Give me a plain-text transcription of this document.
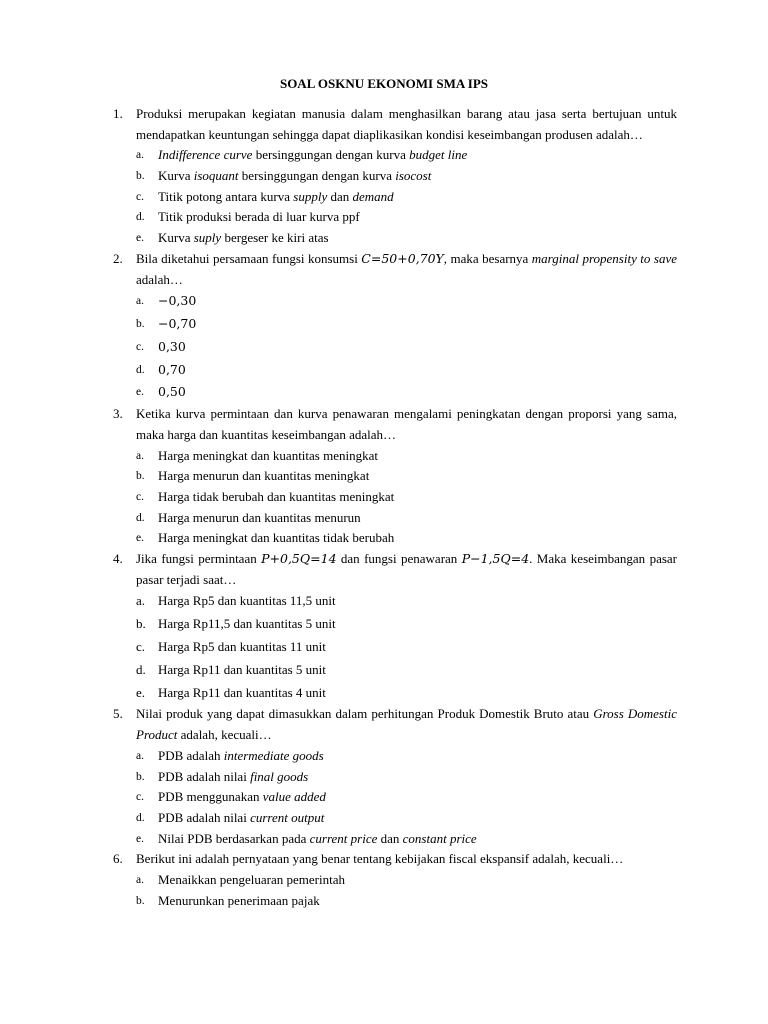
SOAL OSKNU EKONOMI SMA IPS
1.	Produksi merupakan kegiatan manusia dalam menghasilkan barang atau jasa serta bertujuan untuk mendapatkan keuntungan sehingga dapat diaplikasikan kondisi keseimbangan produsen adalah…
a. Indifference curve bersinggungan dengan kurva budget line
b. Kurva isoquant bersinggungan dengan kurva isocost
c. Titik potong antara kurva supply dan demand
d. Titik produksi berada di luar kurva ppf
e. Kurva suply bergeser ke kiri atas
2.	Bila diketahui persamaan fungsi konsumsi C=50+0,70Y, maka besarnya marginal propensity to save adalah…
a. −0,30
b. −0,70
c. 0,30
d. 0,70
e. 0,50
3.	Ketika kurva permintaan dan kurva penawaran mengalami peningkatan dengan proporsi yang sama, maka harga dan kuantitas keseimbangan adalah…
a. Harga meningkat dan kuantitas meningkat
b. Harga menurun dan kuantitas meningkat
c. Harga tidak berubah dan kuantitas meningkat
d. Harga menurun dan kuantitas menurun
e. Harga meningkat dan kuantitas tidak berubah
4.	Jika fungsi permintaan P+0,5Q=14 dan fungsi penawaran P−1,5Q=4. Maka keseimbangan pasar pasar terjadi saat…
a. Harga Rp5 dan kuantitas 11,5 unit
b. Harga Rp11,5 dan kuantitas 5 unit
c. Harga Rp5 dan kuantitas 11 unit
d. Harga Rp11 dan kuantitas 5 unit
e. Harga Rp11 dan kuantitas 4 unit
5.	Nilai produk yang dapat dimasukkan dalam perhitungan Produk Domestik Bruto atau Gross Domestic Product adalah, kecuali…
a. PDB adalah intermediate goods
b. PDB adalah nilai final goods
c. PDB menggunakan value added
d. PDB adalah nilai current output
e. Nilai PDB berdasarkan pada current price dan constant price
6.	Berikut ini adalah pernyataan yang benar tentang kebijakan fiscal ekspansif adalah, kecuali…
a. Menaikkan pengeluaran pemerintah
b. Menurunkan penerimaan pajak
